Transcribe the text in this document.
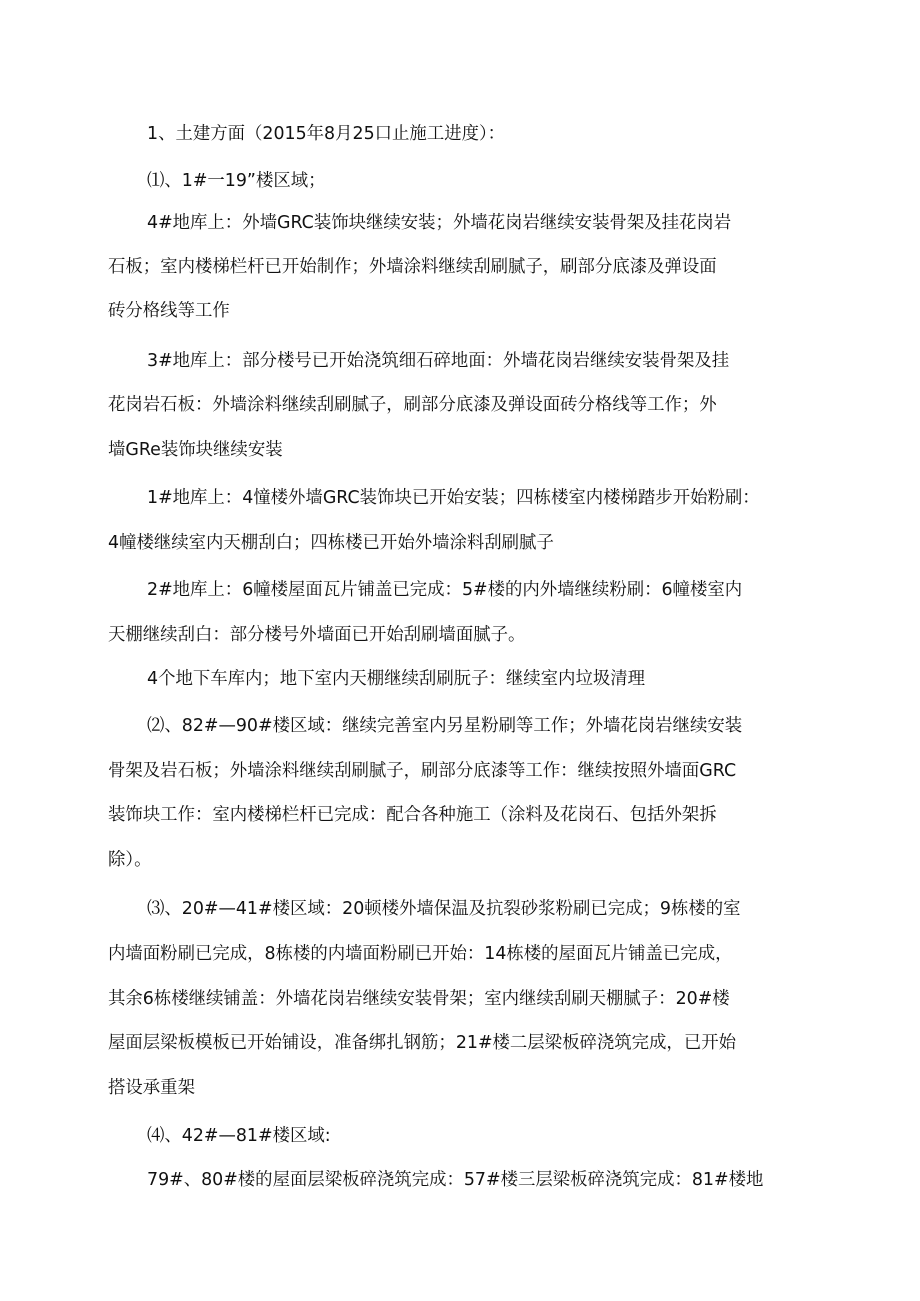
1、土建方面（2015年8月25口止施工进度）：

⑴、1#一19”楼区域；

4#地库上：外墙GRC装饰块继续安装；外墙花岗岩继续安装骨架及挂花岗岩

石板；室内楼梯栏杆已开始制作；外墙涂料继续刮刷腻子，刷部分底漆及弹设面

砖分格线等工作

3#地库上：部分楼号已开始浇筑细石碎地面：外墙花岗岩继续安装骨架及挂

花岗岩石板：外墙涂料继续刮刷腻子，刷部分底漆及弹设面砖分格线等工作；外

墙GRe装饰块继续安装

1#地库上：4憧楼外墙GRC装饰块已开始安装；四栋楼室内楼梯踏步开始粉刷：

4幢楼继续室内天棚刮白；四栋楼已开始外墙涂料刮刷腻子

2#地库上：6幢楼屋面瓦片铺盖已完成：5#楼的内外墙继续粉刷：6幢楼室内

天棚继续刮白：部分楼号外墙面已开始刮刷墙面腻子。

4个地下车库内；地下室内天棚继续刮刷朊子：继续室内垃圾清理

⑵、82#—90#楼区域：继续完善室内另星粉刷等工作；外墙花岗岩继续安装

骨架及岩石板；外墙涂料继续刮刷腻子，刷部分底漆等工作：继续按照外墙面GRC

装饰块工作：室内楼梯栏杆已完成：配合各种施工（涂料及花岗石、包括外架拆

除）。

⑶、20#—41#楼区域：20顿楼外墙保温及抗裂砂浆粉刷已完成；9栋楼的室

内墙面粉刷已完成，8栋楼的内墙面粉刷已开始：14栋楼的屋面瓦片铺盖已完成，

其余6栋楼继续铺盖：外墙花岗岩继续安装骨架；室内继续刮刷天棚腻子：20#楼

屋面层梁板模板已开始铺设，准备绑扎钢筋；21#楼二层梁板碎浇筑完成，已开始

搭设承重架

⑷、42#—81#楼区域:

79#、80#楼的屋面层梁板碎浇筑完成：57#楼三层梁板碎浇筑完成：81#楼地
